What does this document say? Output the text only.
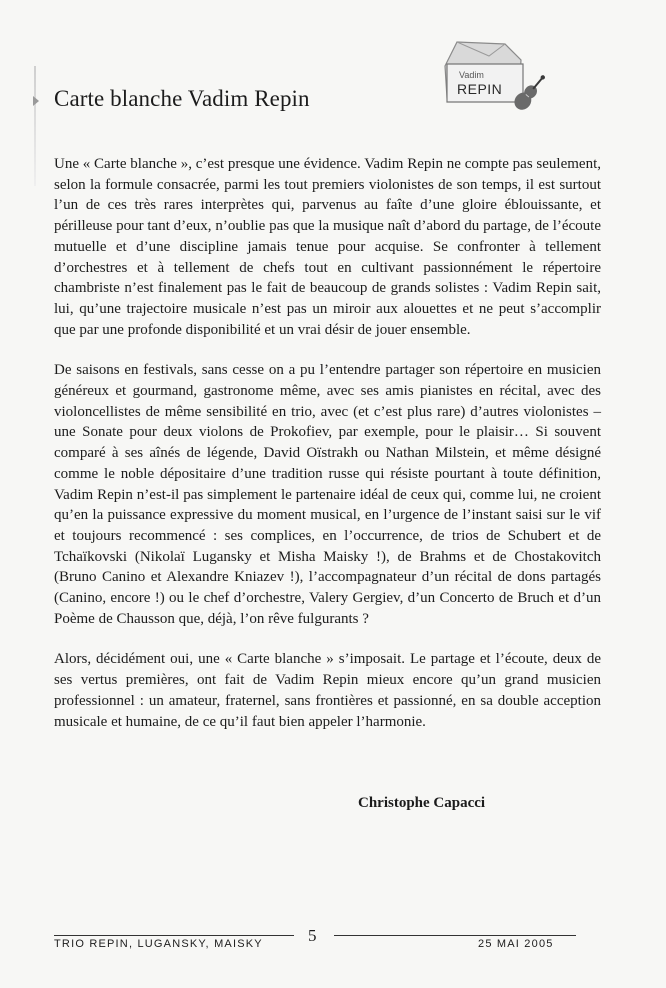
Carte blanche Vadim Repin
Vadim
REPIN

Une « Carte blanche », c’est presque une évidence. Vadim Repin ne compte pas seulement, selon la formule consacrée, parmi les tout premiers violonistes de son temps, il est surtout l’un de ces très rares interprètes qui, parvenus au faîte d’une gloire éblouissante, et périlleuse pour tant d’eux, n’oublie pas que la musique naît d’abord du partage, de l’écoute mutuelle et d’une discipline jamais tenue pour acquise. Se confronter à tellement d’orchestres et à tellement de chefs tout en cultivant passionnément le répertoire chambriste n’est finalement pas le fait de beaucoup de grands solistes : Vadim Repin sait, lui, qu’une trajectoire musicale n’est pas un miroir aux alouettes et ne peut s’accomplir que par une profonde disponibilité et un vrai désir de jouer ensemble.

De saisons en festivals, sans cesse on a pu l’entendre partager son répertoire en musicien généreux et gourmand, gastronome même, avec ses amis pianistes en récital, avec des violoncellistes de même sensibilité en trio, avec (et c’est plus rare) d’autres violonistes – une Sonate pour deux violons de Prokofiev, par exemple, pour le plaisir… Si souvent comparé à ses aînés de légende, David Oïstrakh ou Nathan Milstein, et même désigné comme le noble dépositaire d’une tradition russe qui résiste pourtant à toute définition, Vadim Repin n’est-il pas simplement le partenaire idéal de ceux qui, comme lui, ne croient qu’en la puissance expressive du moment musical, en l’urgence de l’instant saisi sur le vif et toujours recommencé : ses complices, en l’occurrence, de trios de Schubert et de Tchaïkovski (Nikolaï Lugansky et Misha Maisky !), de Brahms et de Chostakovitch (Bruno Canino et Alexandre Kniazev !), l’accompagnateur d’un récital de dons partagés (Canino, encore !) ou le chef d’orchestre, Valery Gergiev, d’un Concerto de Bruch et d’un Poème de Chausson que, déjà, l’on rêve fulgurants ?

Alors, décidément oui, une « Carte blanche » s’imposait. Le partage et l’écoute, deux de ses vertus premières, ont fait de Vadim Repin mieux encore qu’un grand musicien professionnel : un amateur, fraternel, sans frontières et passionné, en sa double acception musicale et humaine, de ce qu’il faut bien appeler l’harmonie.

Christophe Capacci
TRIO REPIN, LUGANSKY, MAISKY	5	25 MAI 2005
